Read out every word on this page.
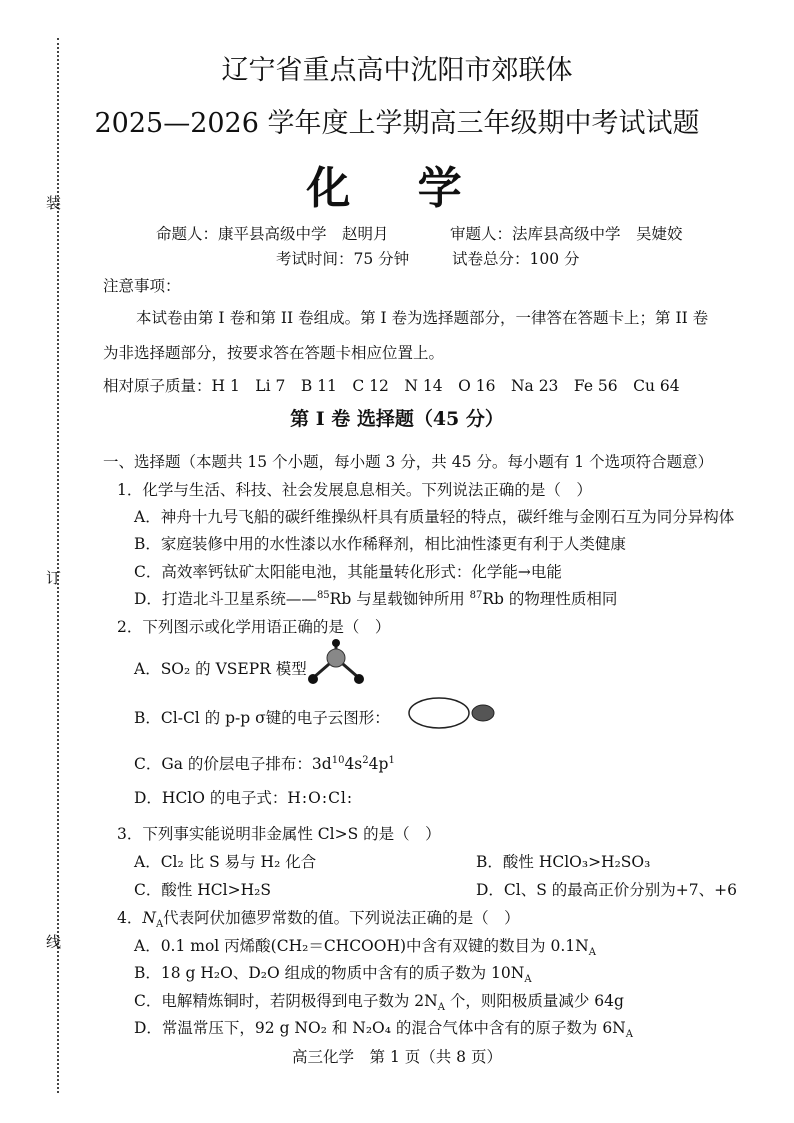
装
订
线
辽宁省重点高中沈阳市郊联体
2025—2026 学年度上学期高三年级期中考试试题
化 学
命题人：康平县高级中学　赵明月	审题人：法库县高级中学　吴婕姣
考试时间：75 分钟	试卷总分：100 分
注意事项：
本试卷由第 I 卷和第 II 卷组成。第 I 卷为选择题部分，一律答在答题卡上；第 II 卷
为非选择题部分，按要求答在答题卡相应位置上。
相对原子质量：H 1　Li 7　B 11　C 12　N 14　O 16　Na 23　Fe 56　Cu 64
第 I 卷 选择题（45 分）
一、选择题（本题共 15 个小题，每小题 3 分，共 45 分。每小题有 1 个选项符合题意）
1．化学与生活、科技、社会发展息息相关。下列说法正确的是（　）
A．神舟十九号飞船的碳纤维操纵杆具有质量轻的特点，碳纤维与金刚石互为同分异构体
B．家庭装修中用的水性漆以水作稀释剂，相比油性漆更有利于人类健康
C．高效率钙钛矿太阳能电池，其能量转化形式：化学能→电能
D．打造北斗卫星系统——$^{85}$Rb 与星载铷钟所用 $^{87}$Rb 的物理性质相同
2．下列图示或化学用语正确的是（　）
A．SO₂ 的 VSEPR 模型
B．Cl-Cl 的 p-p σ键的电子云图形：
C．Ga 的价层电子排布：$3d^{10}4s^24p^1$
D．HClO 的电子式：H:O:Cl:
3．下列事实能说明非金属性 Cl>S 的是（　）
A．Cl₂ 比 S 易与 H₂ 化合	B．酸性 HClO₃>H₂SO₃
C．酸性 HCl>H₂S	D．Cl、S 的最高正价分别为+7、+6
4．$N_A$代表阿伏加德罗常数的值。下列说法正确的是（　）
A．0.1 mol 丙烯酸(CH₂＝CHCOOH)中含有双键的数目为 $0.1N_A$
B．18 g H₂O、D₂O 组成的物质中含有的质子数为 $10N_A$
C．电解精炼铜时，若阴极得到电子数为 $2N_A$ 个，则阳极质量减少 64g
D．常温常压下，92 g NO₂ 和 N₂O₄ 的混合气体中含有的原子数为 $6N_A$
高三化学　第 1 页（共 8 页）
